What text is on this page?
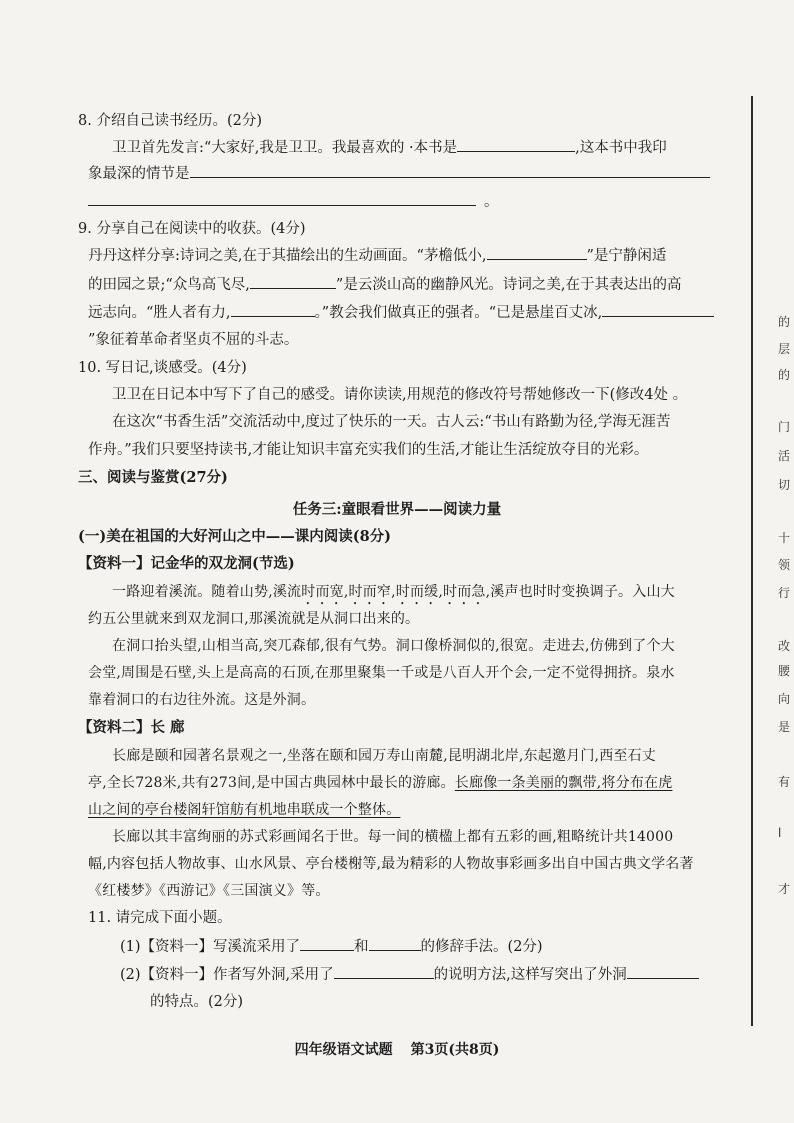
8. 介绍自己读书经历。(2分)
卫卫首先发言:“大家好,我是卫卫。我最喜欢的 ·本书是	,这本书中我印
象最深的情节是
。
9. 分享自己在阅读中的收获。(4分)
丹丹这样分享:诗词之美,在于其描绘出的生动画面。“茅檐低小,	”是宁静闲适
的田园之景;“众鸟高飞尽,	”是云淡山高的幽静风光。诗词之美,在于其表达出的高
远志向。“胜人者有力,	。”教会我们做真正的强者。“已是悬崖百丈冰,
”象征着革命者坚贞不屈的斗志。
10. 写日记,谈感受。(4分)
卫卫在日记本中写下了自己的感受。请你读读,用规范的修改符号帮她修改一下(修改4处 。
在这次“书香生活”交流活动中,度过了快乐的一天。古人云:“书山有路勤为径,学海无涯苦
作舟。”我们只要坚持读书,才能让知识丰富充实我们的生活,才能让生活绽放夺目的光彩。
三、阅读与鉴赏(27分)
任务三:童眼看世界——阅读力量
(一)美在祖国的大好河山之中——课内阅读(8分)
【资料一】记金华的双龙洞(节选)
一路迎着溪流。随着山势,溪流时而宽,时而窄,时而缓,时而急,溪声也时时变换调子。入山大
约五公里就来到双龙洞口,那溪流就是从洞口出来的。
在洞口抬头望,山相当高,突兀森郁,很有气势。洞口像桥洞似的,很宽。走进去,仿佛到了个大
会堂,周围是石壁,头上是高高的石顶,在那里聚集一千或是八百人开个会,一定不觉得拥挤。泉水
靠着洞口的右边往外流。这是外洞。
【资料二】长 廊
长廊是颐和园著名景观之一,坐落在颐和园万寿山南麓,昆明湖北岸,东起邀月门,西至石丈
亭,全长728米,共有273间,是中国古典园林中最长的游廊。长廊像一条美丽的飘带,将分布在虎
山之间的亭台楼阁轩馆舫有机地串联成一个整体。
长廊以其丰富绚丽的苏式彩画闻名于世。每一间的横楹上都有五彩的画,粗略统计共14000
幅,内容包括人物故事、山水风景、亭台楼榭等,最为精彩的人物故事彩画多出自中国古典文学名著
《红楼梦》《西游记》《三国演义》等。
11. 请完成下面小题。
(1)【资料一】写溪流采用了	和	的修辞手法。(2分)
(2)【资料一】作者写外洞,采用了	的说明方法,这样写突出了外洞
的特点。(2分)
四年级语文试题 第3页(共8页)
的
层
的
门
活
切
十
领
行
改
腰
向
是
有
l
才
